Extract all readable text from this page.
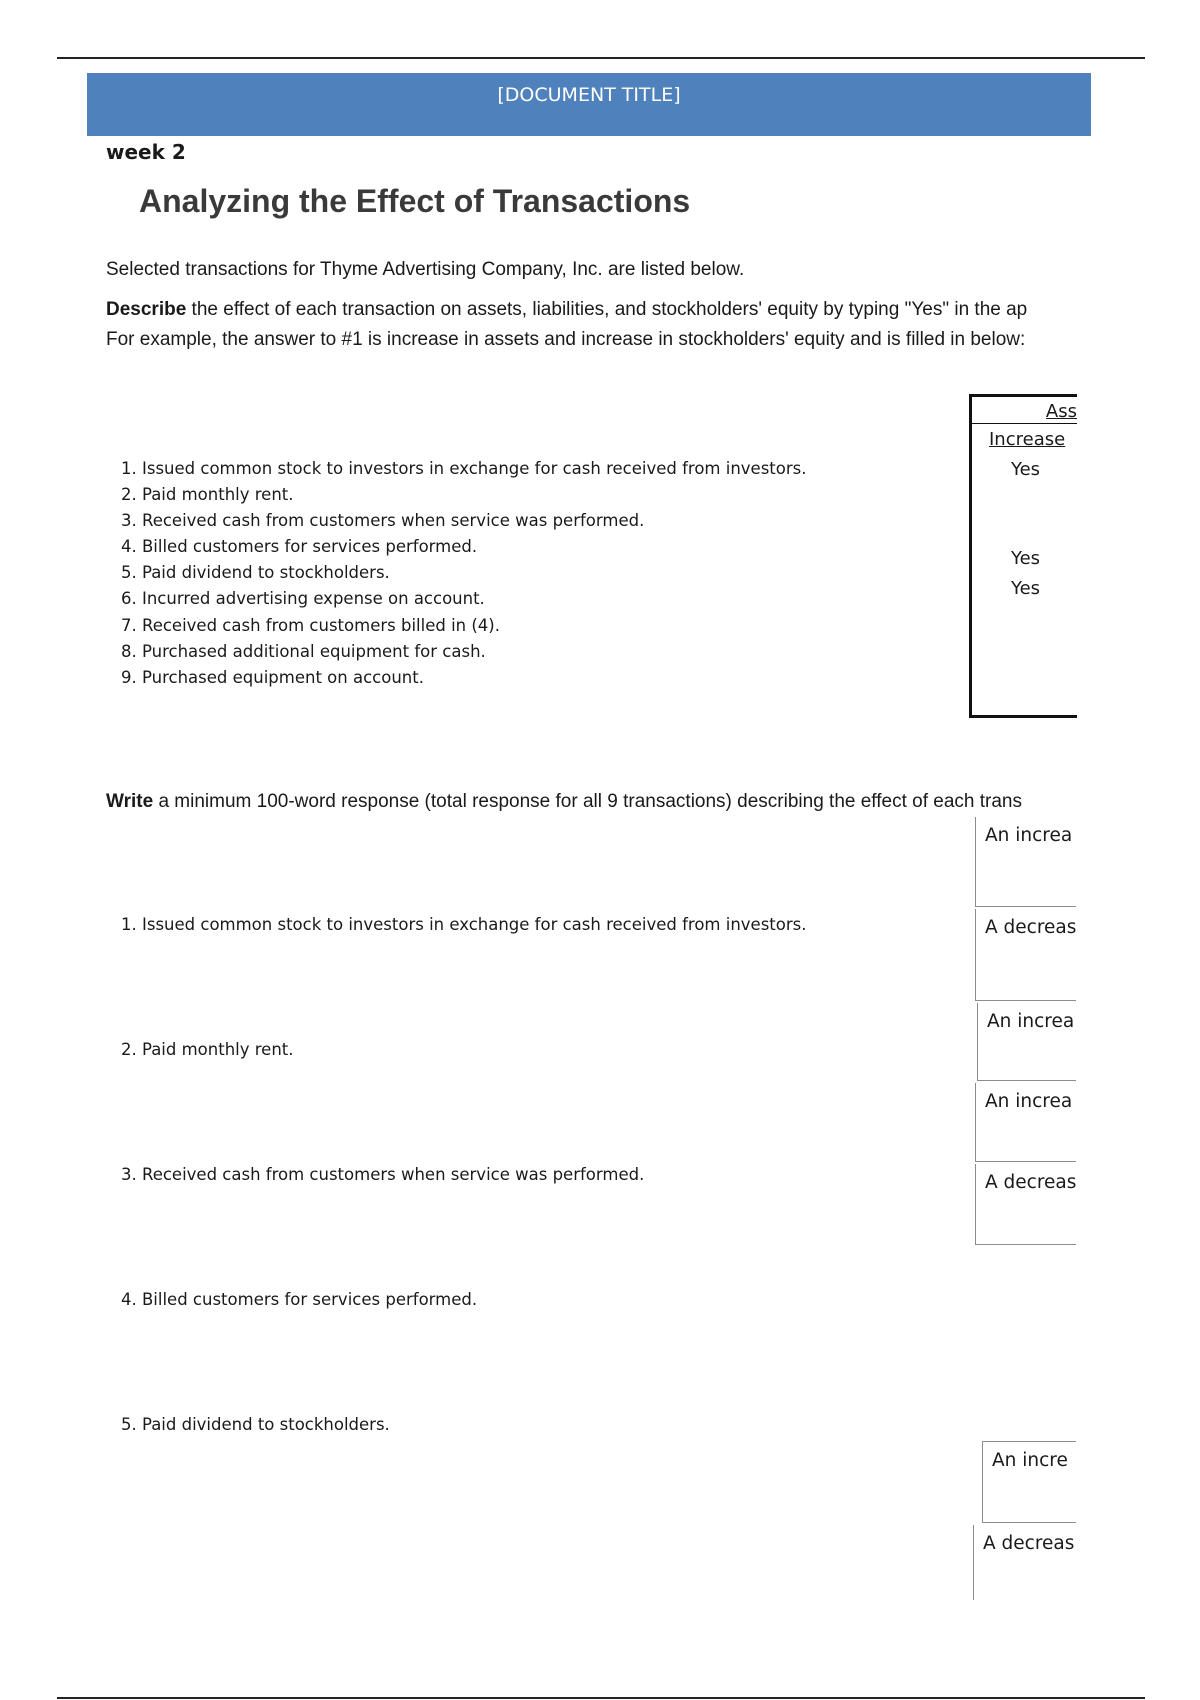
[DOCUMENT TITLE]
week 2
Analyzing the Effect of Transactions
Selected transactions for Thyme Advertising Company, Inc. are listed below.
Describe the effect of each transaction on assets, liabilities, and stockholders' equity by typing "Yes" in the ap
For example, the answer to #1 is increase in assets and increase in stockholders' equity and is filled in below:
1. Issued common stock to investors in exchange for cash received from investors.
2. Paid monthly rent.
3. Received cash from customers when service was performed.
4. Billed customers for services performed.
5. Paid dividend to stockholders.
6. Incurred advertising expense on account.
7. Received cash from customers billed in (4).
8. Purchased additional equipment for cash.
9. Purchased equipment on account.
Ass
Increase
Yes
Yes
Yes
Write a minimum 100-word response (total response for all 9 transactions) describing the effect of each trans
1. Issued common stock to investors in exchange for cash received from investors.
2. Paid monthly rent.
3. Received cash from customers when service was performed.
4. Billed customers for services performed.
5. Paid dividend to stockholders.
An increa
A decreas
An increa
An increa
A decreas
An incre
A decreas
